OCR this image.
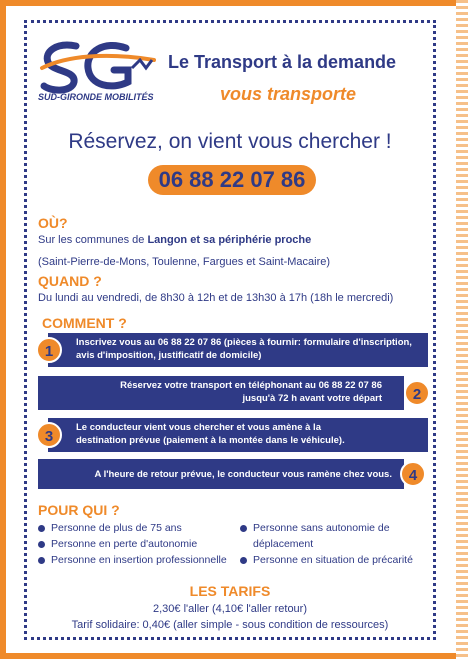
SUD-GIRONDE MOBILITÉS
Le Transport à la demande
vous transporte
Réservez, on vient vous chercher !
06 88 22 07 86
OÙ?
Sur les communes de Langon et sa périphérie proche
(Saint-Pierre-de-Mons, Toulenne, Fargues et Saint-Macaire)
QUAND ?
Du lundi au vendredi, de 8h30 à 12h et de 13h30 à 17h (18h le mercredi)
COMMENT ?
Inscrivez vous au 06 88 22 07 86 (pièces à fournir: formulaire d'inscription,
avis d'imposition, justificatif de domicile)
1
Réservez votre transport en téléphonant au 06 88 22 07 86
jusqu'à 72 h avant votre départ	2
Le conducteur vient vous chercher et vous amène à la
destination prévue (paiement à la montée dans le véhicule).
3
A l'heure de retour prévue, le conducteur vous ramène chez vous.	4
POUR QUI ?
Personne de plus de 75 ans
Personne en perte d'autonomie
Personne en insertion professionnelle
Personne sans autonomie de
déplacement
Personne en situation de précarité
LES TARIFS
2,30€ l'aller (4,10€ l'aller retour)
Tarif solidaire: 0,40€ (aller simple - sous condition de ressources)
